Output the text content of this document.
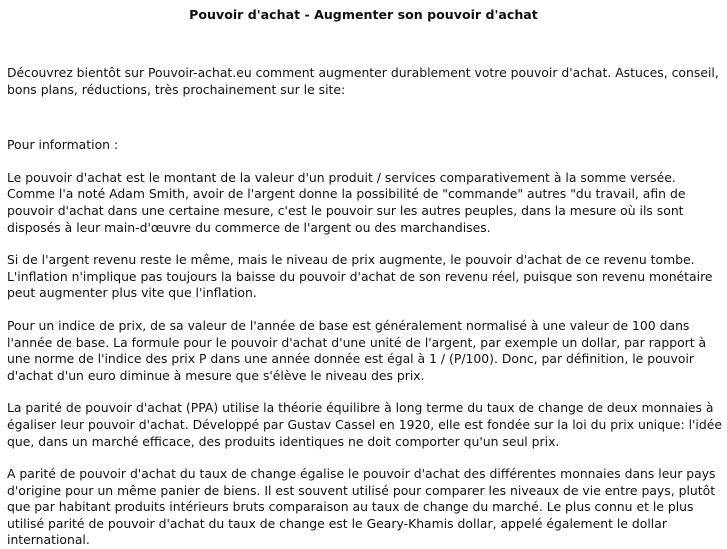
Pouvoir d'achat - Augmenter son pouvoir d'achat

Découvrez bientôt sur Pouvoir-achat.eu comment augmenter durablement votre pouvoir d'achat. Astuces, conseil, bons plans, réductions, très prochainement sur le site:

Pour information :

Le pouvoir d'achat est le montant de la valeur d'un produit / services comparativement à la somme versée. Comme l'a noté Adam Smith, avoir de l'argent donne la possibilité de "commande" autres "du travail, afin de pouvoir d'achat dans une certaine mesure, c'est le pouvoir sur les autres peuples, dans la mesure où ils sont disposés à leur main-d'œuvre du commerce de l'argent ou des marchandises.

Si de l'argent revenu reste le même, mais le niveau de prix augmente, le pouvoir d'achat de ce revenu tombe. L'inflation n'implique pas toujours la baisse du pouvoir d'achat de son revenu réel, puisque son revenu monétaire peut augmenter plus vite que l'inflation.

Pour un indice de prix, de sa valeur de l'année de base est généralement normalisé à une valeur de 100 dans l'année de base. La formule pour le pouvoir d'achat d'une unité de l'argent, par exemple un dollar, par rapport à une norme de l'indice des prix P dans une année donnée est égal à 1 / (P/100). Donc, par définition, le pouvoir d'achat d'un euro diminue à mesure que s'élève le niveau des prix.

La parité de pouvoir d'achat (PPA) utilise la théorie équilibre à long terme du taux de change de deux monnaies à égaliser leur pouvoir d'achat. Développé par Gustav Cassel en 1920, elle est fondée sur la loi du prix unique: l'idée que, dans un marché efficace, des produits identiques ne doit comporter qu'un seul prix.

A parité de pouvoir d'achat du taux de change égalise le pouvoir d'achat des différentes monnaies dans leur pays d'origine pour un même panier de biens. Il est souvent utilisé pour comparer les niveaux de vie entre pays, plutôt que par habitant produits intérieurs bruts comparaison au taux de change du marché. Le plus connu et le plus utilisé parité de pouvoir d'achat du taux de change est le Geary-Khamis dollar, appelé également le dollar international.
